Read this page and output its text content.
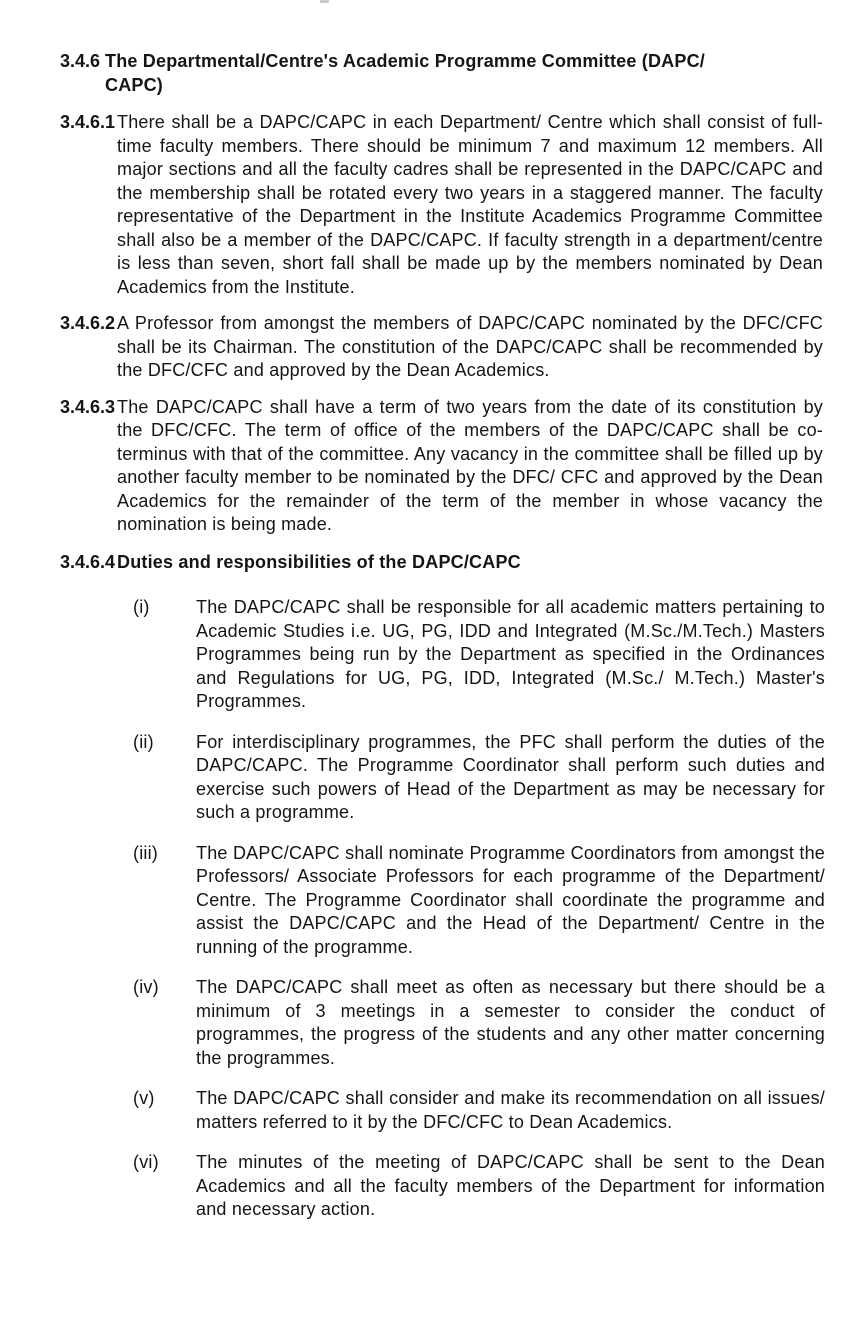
3.4.6 The Departmental/Centre's Academic Programme Committee (DAPC/ CAPC)
3.4.6.1 There shall be a DAPC/CAPC in each Department/ Centre which shall consist of full-time faculty members. There should be minimum 7 and maximum 12 members. All major sections and all the faculty cadres shall be represented in the DAPC/CAPC and the membership shall be rotated every two years in a staggered manner. The faculty representative of the Department in the Institute Academics Programme Committee shall also be a member of the DAPC/CAPC. If faculty strength in a department/centre is less than seven, short fall shall be made up by the members nominated by Dean Academics from the Institute.
3.4.6.2 A Professor from amongst the members of DAPC/CAPC nominated by the DFC/CFC shall be its Chairman. The constitution of the DAPC/CAPC shall be recommended by the DFC/CFC and approved by the Dean Academics.
3.4.6.3 The DAPC/CAPC shall have a term of two years from the date of its constitution by the DFC/CFC. The term of office of the members of the DAPC/CAPC shall be co-terminus with that of the committee. Any vacancy in the committee shall be filled up by another faculty member to be nominated by the DFC/ CFC and approved by the Dean Academics for the remainder of the term of the member in whose vacancy the nomination is being made.
3.4.6.4 Duties and responsibilities of the DAPC/CAPC
(i)	The DAPC/CAPC shall be responsible for all academic matters pertaining to Academic Studies i.e. UG, PG, IDD and Integrated (M.Sc./M.Tech.) Masters Programmes being run by the Department as specified in the Ordinances and Regulations for UG, PG, IDD, Integrated (M.Sc./ M.Tech.) Master's Programmes.
(ii) For interdisciplinary programmes, the PFC shall perform the duties of the DAPC/CAPC. The Programme Coordinator shall perform such duties and exercise such powers of Head of the Department as may be necessary for such a programme.
(iii) The DAPC/CAPC shall nominate Programme Coordinators from amongst the Professors/ Associate Professors for each programme of the Department/ Centre. The Programme Coordinator shall coordinate the programme and assist the DAPC/CAPC and the Head of the Department/ Centre in the running of the programme.
(iv) The DAPC/CAPC shall meet as often as necessary but there should be a minimum of 3 meetings in a semester to consider the conduct of programmes, the progress of the students and any other matter concerning the programmes.
(v) The DAPC/CAPC shall consider and make its recommendation on all issues/ matters referred to it by the DFC/CFC to Dean Academics.
(vi) The minutes of the meeting of DAPC/CAPC shall be sent to the Dean Academics and all the faculty members of the Department for information and necessary action.
